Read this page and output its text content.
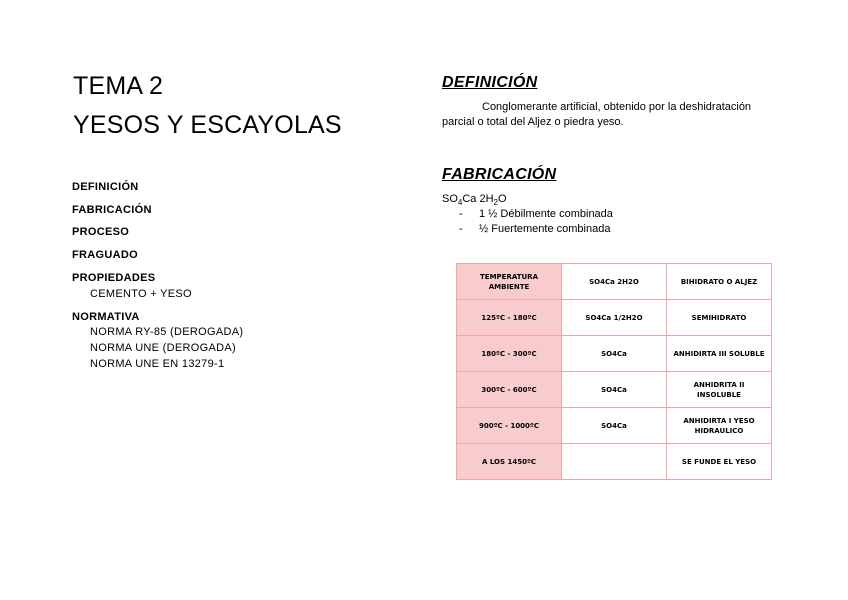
TEMA 2
YESOS Y ESCAYOLAS
DEFINICIÓN
FABRICACIÓN
PROCESO
FRAGUADO
PROPIEDADES
CEMENTO + YESO
NORMATIVA
NORMA RY-85 (DEROGADA)
NORMA UNE (DEROGADA)
NORMA UNE EN 13279-1
DEFINICIÓN
Conglomerante artificial, obtenido por la deshidratación
parcial o total del Aljez o piedra yeso.
FABRICACIÓN
$SO_4Ca$ $2H_2O$
- 1 ½ Débilmente combinada
- ½ Fuertemente combinada
TEMPERATURA AMBIENTE	SO4Ca 2H2O	BIHIDRATO O ALJEZ
125ºC - 180ºC	SO4Ca 1/2H2O	SEMIHIDRATO
180ºC - 300ºC	SO4Ca	ANHIDIRTA III SOLUBLE
300ºC - 600ºC	SO4Ca	ANHIDRITA II INSOLUBLE
900ºC - 1000ºC	SO4Ca	ANHIDIRTA I YESO HIDRAULICO
A LOS 1450ºC		SE FUNDE EL YESO
